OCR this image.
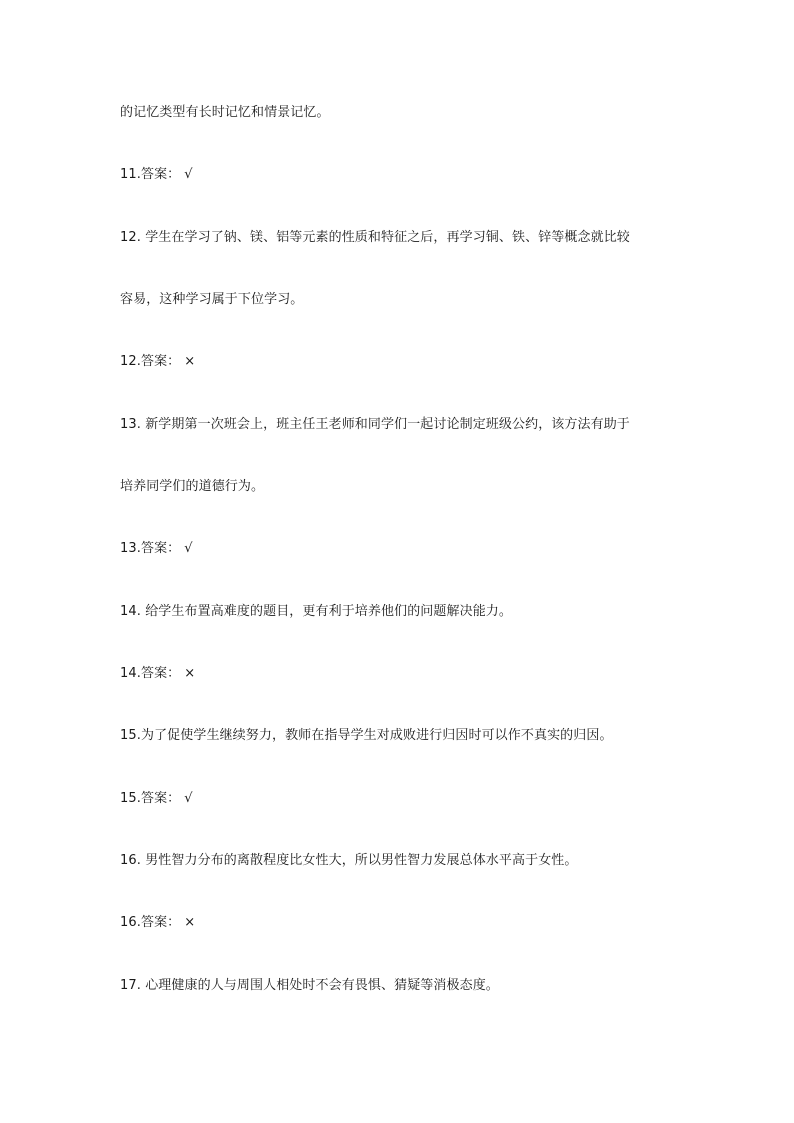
的记忆类型有长时记忆和情景记忆。
11.答案： √
12. 学生在学习了钠、镁、铝等元素的性质和特征之后，再学习铜、铁、锌等概念就比较
容易，这种学习属于下位学习。
12.答案： ×
13. 新学期第一次班会上，班主任王老师和同学们一起讨论制定班级公约，该方法有助于
培养同学们的道德行为。
13.答案： √
14. 给学生布置高难度的题目，更有利于培养他们的问题解决能力。
14.答案： ×
15.为了促使学生继续努力，教师在指导学生对成败进行归因时可以作不真实的归因。
15.答案： √
16. 男性智力分布的离散程度比女性大，所以男性智力发展总体水平高于女性。
16.答案： ×
17. 心理健康的人与周围人相处时不会有畏惧、猜疑等消极态度。
